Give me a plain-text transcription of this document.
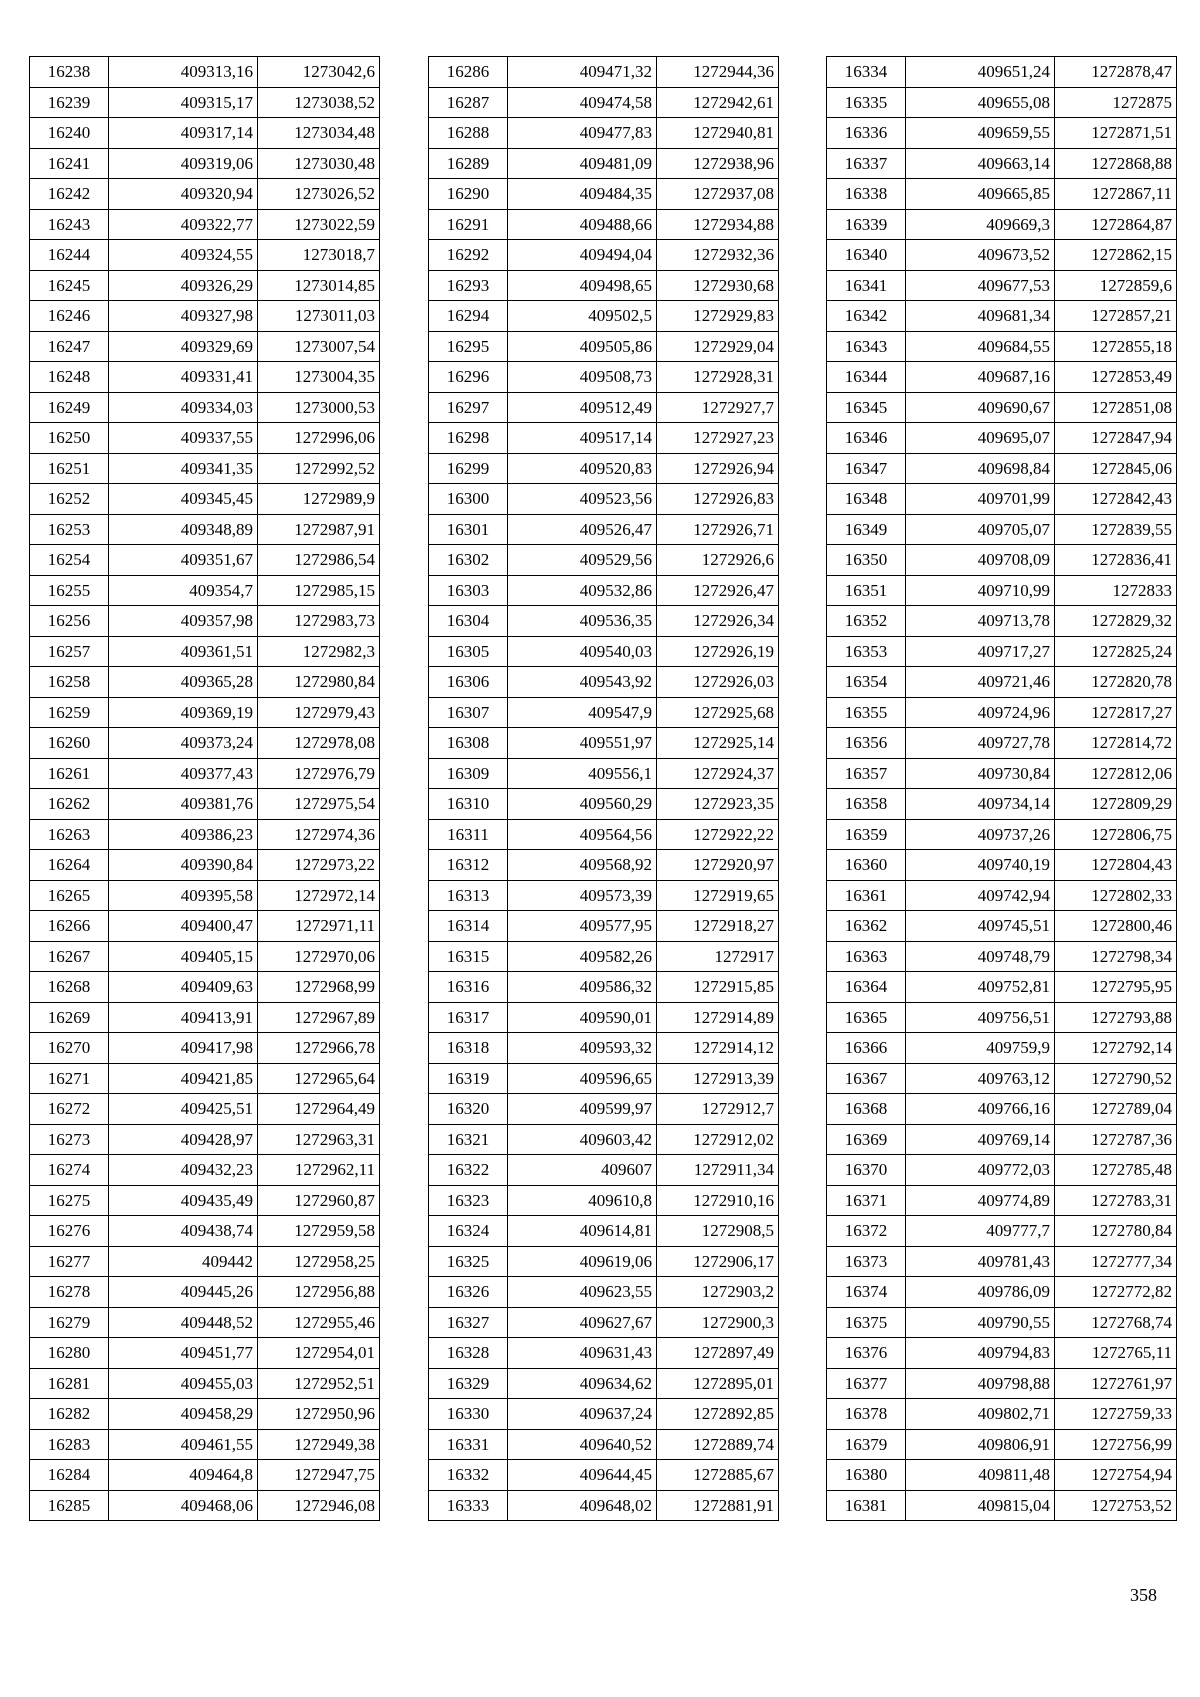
16238	409313,16	1273042,6
16239	409315,17	1273038,52
16240	409317,14	1273034,48
16241	409319,06	1273030,48
16242	409320,94	1273026,52
16243	409322,77	1273022,59
16244	409324,55	1273018,7
16245	409326,29	1273014,85
16246	409327,98	1273011,03
16247	409329,69	1273007,54
16248	409331,41	1273004,35
16249	409334,03	1273000,53
16250	409337,55	1272996,06
16251	409341,35	1272992,52
16252	409345,45	1272989,9
16253	409348,89	1272987,91
16254	409351,67	1272986,54
16255	409354,7	1272985,15
16256	409357,98	1272983,73
16257	409361,51	1272982,3
16258	409365,28	1272980,84
16259	409369,19	1272979,43
16260	409373,24	1272978,08
16261	409377,43	1272976,79
16262	409381,76	1272975,54
16263	409386,23	1272974,36
16264	409390,84	1272973,22
16265	409395,58	1272972,14
16266	409400,47	1272971,11
16267	409405,15	1272970,06
16268	409409,63	1272968,99
16269	409413,91	1272967,89
16270	409417,98	1272966,78
16271	409421,85	1272965,64
16272	409425,51	1272964,49
16273	409428,97	1272963,31
16274	409432,23	1272962,11
16275	409435,49	1272960,87
16276	409438,74	1272959,58
16277	409442	1272958,25
16278	409445,26	1272956,88
16279	409448,52	1272955,46
16280	409451,77	1272954,01
16281	409455,03	1272952,51
16282	409458,29	1272950,96
16283	409461,55	1272949,38
16284	409464,8	1272947,75
16285	409468,06	1272946,08
16286	409471,32	1272944,36
16287	409474,58	1272942,61
16288	409477,83	1272940,81
16289	409481,09	1272938,96
16290	409484,35	1272937,08
16291	409488,66	1272934,88
16292	409494,04	1272932,36
16293	409498,65	1272930,68
16294	409502,5	1272929,83
16295	409505,86	1272929,04
16296	409508,73	1272928,31
16297	409512,49	1272927,7
16298	409517,14	1272927,23
16299	409520,83	1272926,94
16300	409523,56	1272926,83
16301	409526,47	1272926,71
16302	409529,56	1272926,6
16303	409532,86	1272926,47
16304	409536,35	1272926,34
16305	409540,03	1272926,19
16306	409543,92	1272926,03
16307	409547,9	1272925,68
16308	409551,97	1272925,14
16309	409556,1	1272924,37
16310	409560,29	1272923,35
16311	409564,56	1272922,22
16312	409568,92	1272920,97
16313	409573,39	1272919,65
16314	409577,95	1272918,27
16315	409582,26	1272917
16316	409586,32	1272915,85
16317	409590,01	1272914,89
16318	409593,32	1272914,12
16319	409596,65	1272913,39
16320	409599,97	1272912,7
16321	409603,42	1272912,02
16322	409607	1272911,34
16323	409610,8	1272910,16
16324	409614,81	1272908,5
16325	409619,06	1272906,17
16326	409623,55	1272903,2
16327	409627,67	1272900,3
16328	409631,43	1272897,49
16329	409634,62	1272895,01
16330	409637,24	1272892,85
16331	409640,52	1272889,74
16332	409644,45	1272885,67
16333	409648,02	1272881,91
16334	409651,24	1272878,47
16335	409655,08	1272875
16336	409659,55	1272871,51
16337	409663,14	1272868,88
16338	409665,85	1272867,11
16339	409669,3	1272864,87
16340	409673,52	1272862,15
16341	409677,53	1272859,6
16342	409681,34	1272857,21
16343	409684,55	1272855,18
16344	409687,16	1272853,49
16345	409690,67	1272851,08
16346	409695,07	1272847,94
16347	409698,84	1272845,06
16348	409701,99	1272842,43
16349	409705,07	1272839,55
16350	409708,09	1272836,41
16351	409710,99	1272833
16352	409713,78	1272829,32
16353	409717,27	1272825,24
16354	409721,46	1272820,78
16355	409724,96	1272817,27
16356	409727,78	1272814,72
16357	409730,84	1272812,06
16358	409734,14	1272809,29
16359	409737,26	1272806,75
16360	409740,19	1272804,43
16361	409742,94	1272802,33
16362	409745,51	1272800,46
16363	409748,79	1272798,34
16364	409752,81	1272795,95
16365	409756,51	1272793,88
16366	409759,9	1272792,14
16367	409763,12	1272790,52
16368	409766,16	1272789,04
16369	409769,14	1272787,36
16370	409772,03	1272785,48
16371	409774,89	1272783,31
16372	409777,7	1272780,84
16373	409781,43	1272777,34
16374	409786,09	1272772,82
16375	409790,55	1272768,74
16376	409794,83	1272765,11
16377	409798,88	1272761,97
16378	409802,71	1272759,33
16379	409806,91	1272756,99
16380	409811,48	1272754,94
16381	409815,04	1272753,52
358
